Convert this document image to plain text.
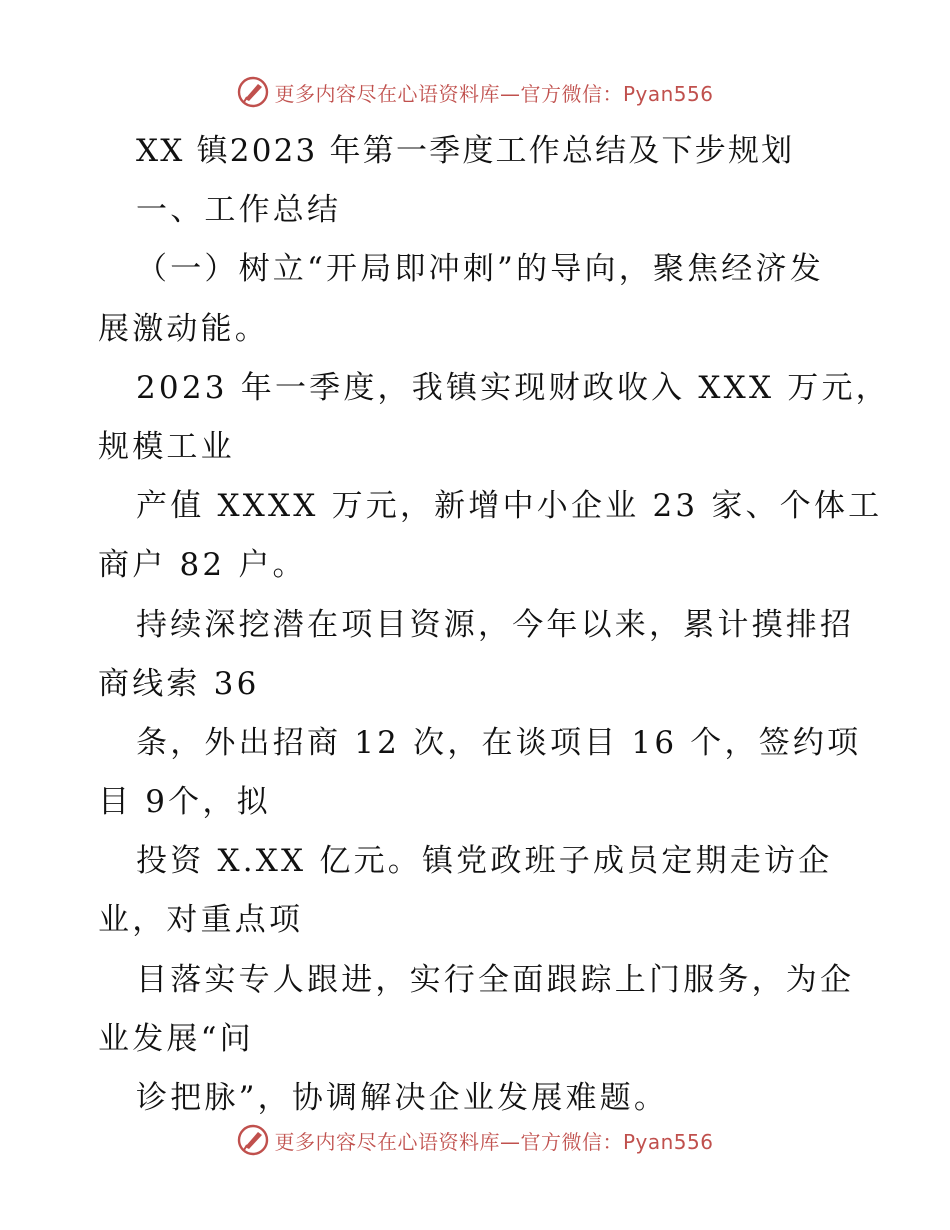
更多内容尽在心语资料库—官方微信：Pyan556
XX 镇2023 年第一季度工作总结及下步规划
一、工作总结
（一）树立“开局即冲刺”的导向，聚焦经济发
展激动能。
2023 年一季度，我镇实现财政收入 XXX 万元，
规模工业
产值 XXXX 万元，新增中小企业 23 家、个体工
商户 82 户。
持续深挖潜在项目资源，今年以来，累计摸排招
商线索 36
条，外出招商 12 次，在谈项目 16 个，签约项
目 9个，拟
投资 X.XX 亿元。镇党政班子成员定期走访企
业，对重点项
目落实专人跟进，实行全面跟踪上门服务，为企
业发展“问
诊把脉”，协调解决企业发展难题。
更多内容尽在心语资料库—官方微信：Pyan556
